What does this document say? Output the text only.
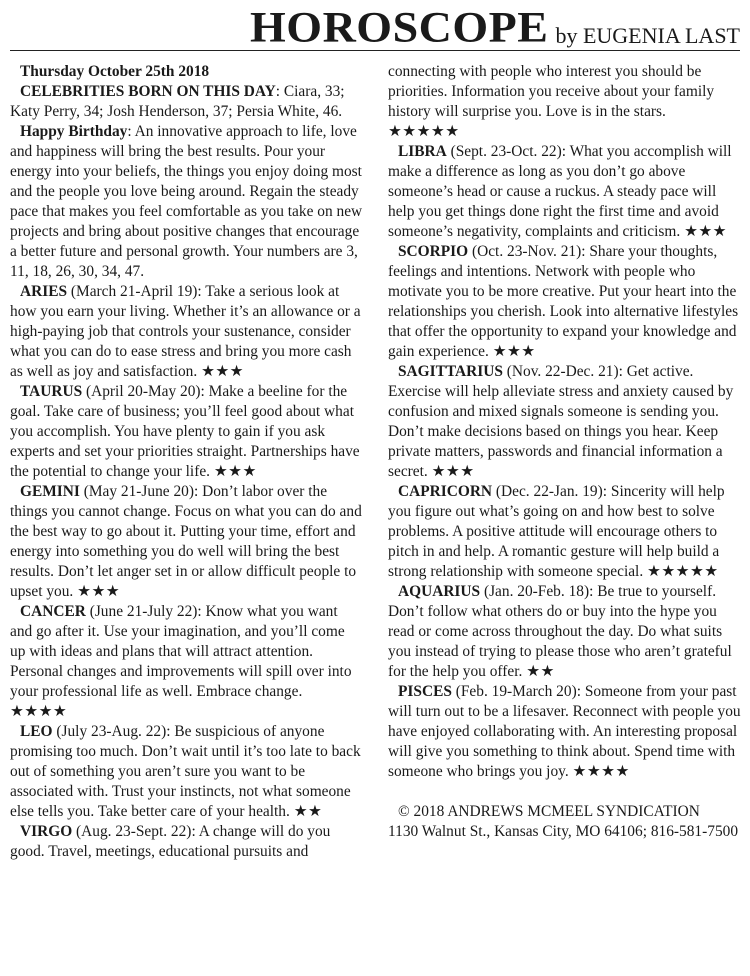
HOROSCOPE by EUGENIA LAST

Thursday October 25th 2018

CELEBRITIES BORN ON THIS DAY: Ciara, 33; Katy Perry, 34; Josh Henderson, 37; Persia White, 46.

Happy Birthday: An innovative approach to life, love and happiness will bring the best results. Pour your energy into your beliefs, the things you enjoy doing most and the people you love being around. Regain the steady pace that makes you feel comfortable as you take on new projects and bring about positive changes that encourage a better future and personal growth. Your numbers are 3, 11, 18, 26, 30, 34, 47.

ARIES (March 21-April 19): Take a serious look at how you earn your living. Whether it’s an allowance or a high-paying job that controls your sustenance, consider what you can do to ease stress and bring you more cash as well as joy and satisfaction. ★★★

TAURUS (April 20-May 20): Make a beeline for the goal. Take care of business; you’ll feel good about what you accomplish. You have plenty to gain if you ask experts and set your priorities straight. Partnerships have the potential to change your life. ★★★

GEMINI (May 21-June 20): Don’t labor over the things you cannot change. Focus on what you can do and the best way to go about it. Putting your time, effort and energy into something you do well will bring the best results. Don’t let anger set in or allow difficult people to upset you. ★★★

CANCER (June 21-July 22): Know what you want and go after it. Use your imagination, and you’ll come up with ideas and plans that will attract attention. Personal changes and improvements will spill over into your professional life as well. Embrace change. ★★★★

LEO (July 23-Aug. 22): Be suspicious of anyone promising too much. Don’t wait until it’s too late to back out of something you aren’t sure you want to be associated with. Trust your instincts, not what someone else tells you. Take better care of your health. ★★

VIRGO (Aug. 23-Sept. 22): A change will do you good. Travel, meetings, educational pursuits and

connecting with people who interest you should be priorities. Information you receive about your family history will surprise you. Love is in the stars. ★★★★★

LIBRA (Sept. 23-Oct. 22): What you accomplish will make a difference as long as you don’t go above someone’s head or cause a ruckus. A steady pace will help you get things done right the first time and avoid someone’s negativity, complaints and criticism. ★★★

SCORPIO (Oct. 23-Nov. 21): Share your thoughts, feelings and intentions. Network with people who motivate you to be more creative. Put your heart into the relationships you cherish. Look into alternative lifestyles that offer the opportunity to expand your knowledge and gain experience. ★★★

SAGITTARIUS (Nov. 22-Dec. 21): Get active. Exercise will help alleviate stress and anxiety caused by confusion and mixed signals someone is sending you. Don’t make decisions based on things you hear. Keep private matters, passwords and financial information a secret. ★★★

CAPRICORN (Dec. 22-Jan. 19): Sincerity will help you figure out what’s going on and how best to solve problems. A positive attitude will encourage others to pitch in and help. A romantic gesture will help build a strong relationship with someone special. ★★★★★

AQUARIUS (Jan. 20-Feb. 18): Be true to yourself. Don’t follow what others do or buy into the hype you read or come across throughout the day. Do what suits you instead of trying to please those who aren’t grateful for the help you offer. ★★

PISCES (Feb. 19-March 20): Someone from your past will turn out to be a lifesaver. Reconnect with people you have enjoyed collaborating with. An interesting proposal will give you something to think about. Spend time with someone who brings you joy. ★★★★

© 2018 ANDREWS MCMEEL SYNDICATION
1130 Walnut St., Kansas City, MO 64106; 816-581-7500
